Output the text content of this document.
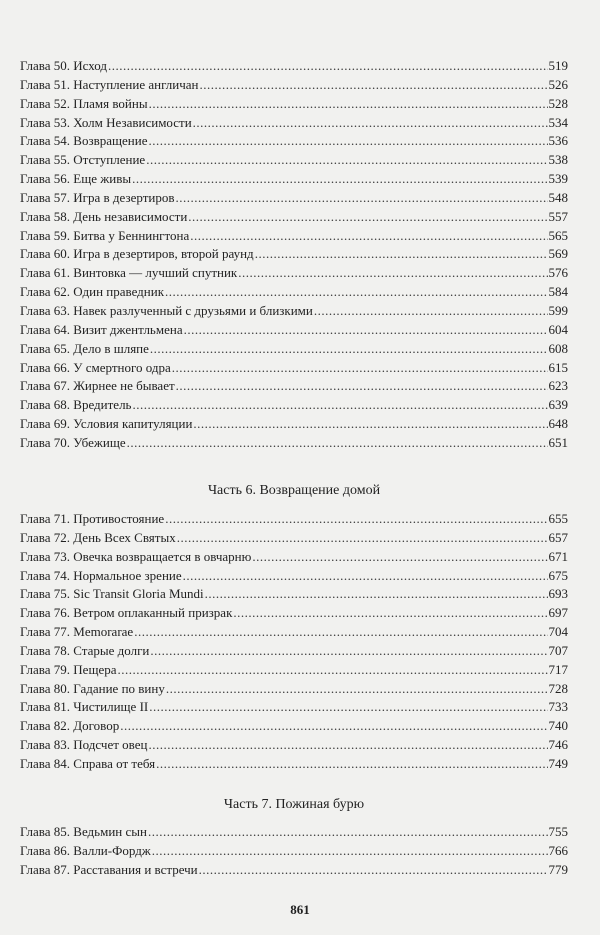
Глава 50. Исход .....	519
Глава 51. Наступление англичан .....	526
Глава 52. Пламя войны .....	528
Глава 53. Холм Независимости .....	534
Глава 54. Возвращение .....	536
Глава 55. Отступление .....	538
Глава 56. Еще живы .....	539
Глава 57. Игра в дезертиров .....	548
Глава 58. День независимости .....	557
Глава 59. Битва у Беннингтона .....	565
Глава 60. Игра в дезертиров, второй раунд .....	569
Глава 61. Винтовка — лучший спутник .....	576
Глава 62. Один праведник .....	584
Глава 63. Навек разлученный с друзьями и близкими .....	599
Глава 64. Визит джентльмена .....	604
Глава 65. Дело в шляпе .....	608
Глава 66. У смертного одра .....	615
Глава 67. Жирнее не бывает .....	623
Глава 68. Вредитель .....	639
Глава 69. Условия капитуляции .....	648
Глава 70. Убежище .....	651
Часть 6. Возвращение домой
Глава 71. Противостояние .....	655
Глава 72. День Всех Святых .....	657
Глава 73. Овечка возвращается в овчарню .....	671
Глава 74. Нормальное зрение .....	675
Глава 75. Sic Transit Gloria Mundi .....	693
Глава 76. Ветром оплаканный призрак .....	697
Глава 77. Memorarae .....	704
Глава 78. Старые долги .....	707
Глава 79. Пещера .....	717
Глава 80. Гадание по вину .....	728
Глава 81. Чистилище II .....	733
Глава 82. Договор .....	740
Глава 83. Подсчет овец .....	746
Глава 84. Справа от тебя .....	749
Часть 7. Пожиная бурю
Глава 85. Ведьмин сын .....	755
Глава 86. Валли-Фордж .....	766
Глава 87. Расставания и встречи .....	779
861
